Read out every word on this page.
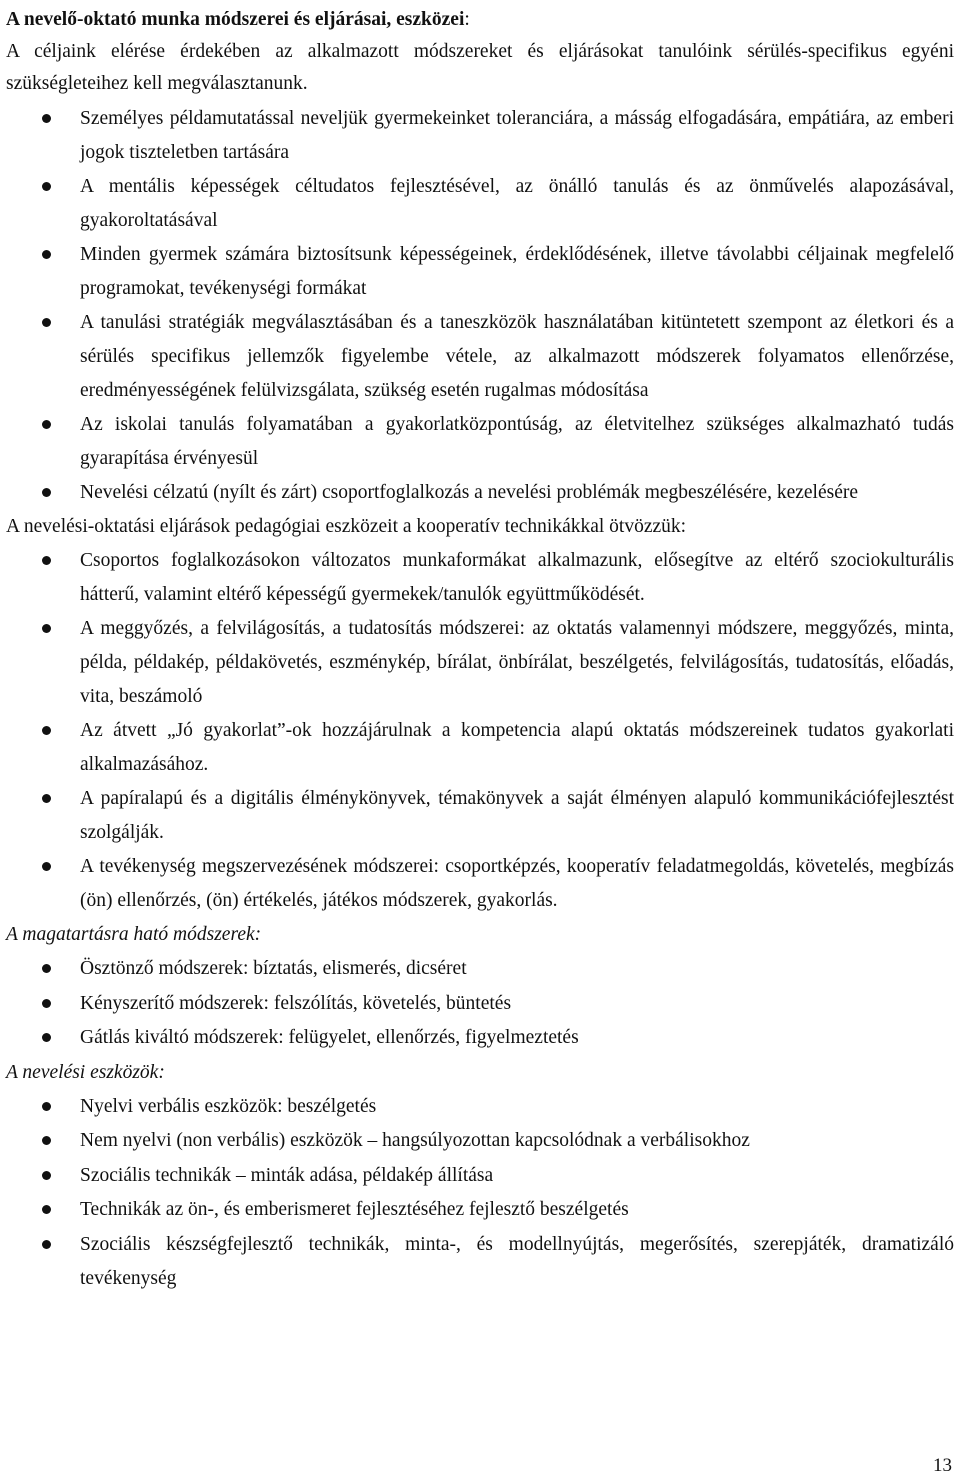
A nevelő-oktató munka módszerei és eljárásai, eszközei:

A céljaink elérése érdekében az alkalmazott módszereket és eljárásokat tanulóink sérülés-specifikus egyéni szükségleteihez kell megválasztanunk.

Személyes példamutatással neveljük gyermekeinket toleranciára, a másság elfogadására, empátiára, az emberi jogok tiszteletben tartására
A mentális képességek céltudatos fejlesztésével, az önálló tanulás és az önművelés alapozásával, gyakoroltatásával
Minden gyermek számára biztosítsunk képességeinek, érdeklődésének, illetve távolabbi céljainak megfelelő programokat, tevékenységi formákat
A tanulási stratégiák megválasztásában és a taneszközök használatában kitüntetett szempont az életkori és a sérülés specifikus jellemzők figyelembe vétele, az alkalmazott módszerek folyamatos ellenőrzése, eredményességének felülvizsgálata, szükség esetén rugalmas módosítása
Az iskolai tanulás folyamatában a gyakorlatközpontúság, az életvitelhez szükséges alkalmazható tudás gyarapítása érvényesül
Nevelési célzatú (nyílt és zárt) csoportfoglalkozás a nevelési problémák megbeszélésére, kezelésére

A nevelési-oktatási eljárások pedagógiai eszközeit a kooperatív technikákkal ötvözzük:

Csoportos foglalkozásokon változatos munkaformákat alkalmazunk, elősegítve az eltérő szociokulturális hátterű, valamint eltérő képességű gyermekek/tanulók együttműködését.
A meggyőzés, a felvilágosítás, a tudatosítás módszerei: az oktatás valamennyi módszere, meggyőzés, minta, példa, példakép, példakövetés, eszménykép, bírálat, önbírálat, beszélgetés, felvilágosítás, tudatosítás, előadás, vita, beszámoló
Az átvett „Jó gyakorlat”-ok hozzájárulnak a kompetencia alapú oktatás módszereinek tudatos gyakorlati alkalmazásához.
A papíralapú és a digitális élménykönyvek, témakönyvek a saját élményen alapuló kommunikációfejlesztést szolgálják.
A tevékenység megszervezésének módszerei: csoportképzés, kooperatív feladatmegoldás, követelés, megbízás (ön) ellenőrzés, (ön) értékelés, játékos módszerek, gyakorlás.

A magatartásra ható módszerek:

Ösztönző módszerek: bíztatás, elismerés, dicséret
Kényszerítő módszerek: felszólítás, követelés, büntetés
Gátlás kiváltó módszerek: felügyelet, ellenőrzés, figyelmeztetés

A nevelési eszközök:

Nyelvi verbális eszközök: beszélgetés
Nem nyelvi (non verbális) eszközök – hangsúlyozottan kapcsolódnak a verbálisokhoz
Szociális technikák – minták adása, példakép állítása
Technikák az ön-, és emberismeret fejlesztéséhez fejlesztő beszélgetés
Szociális készségfejlesztő technikák, minta-, és modellnyújtás, megerősítés, szerepjáték, dramatizáló tevékenység
13
